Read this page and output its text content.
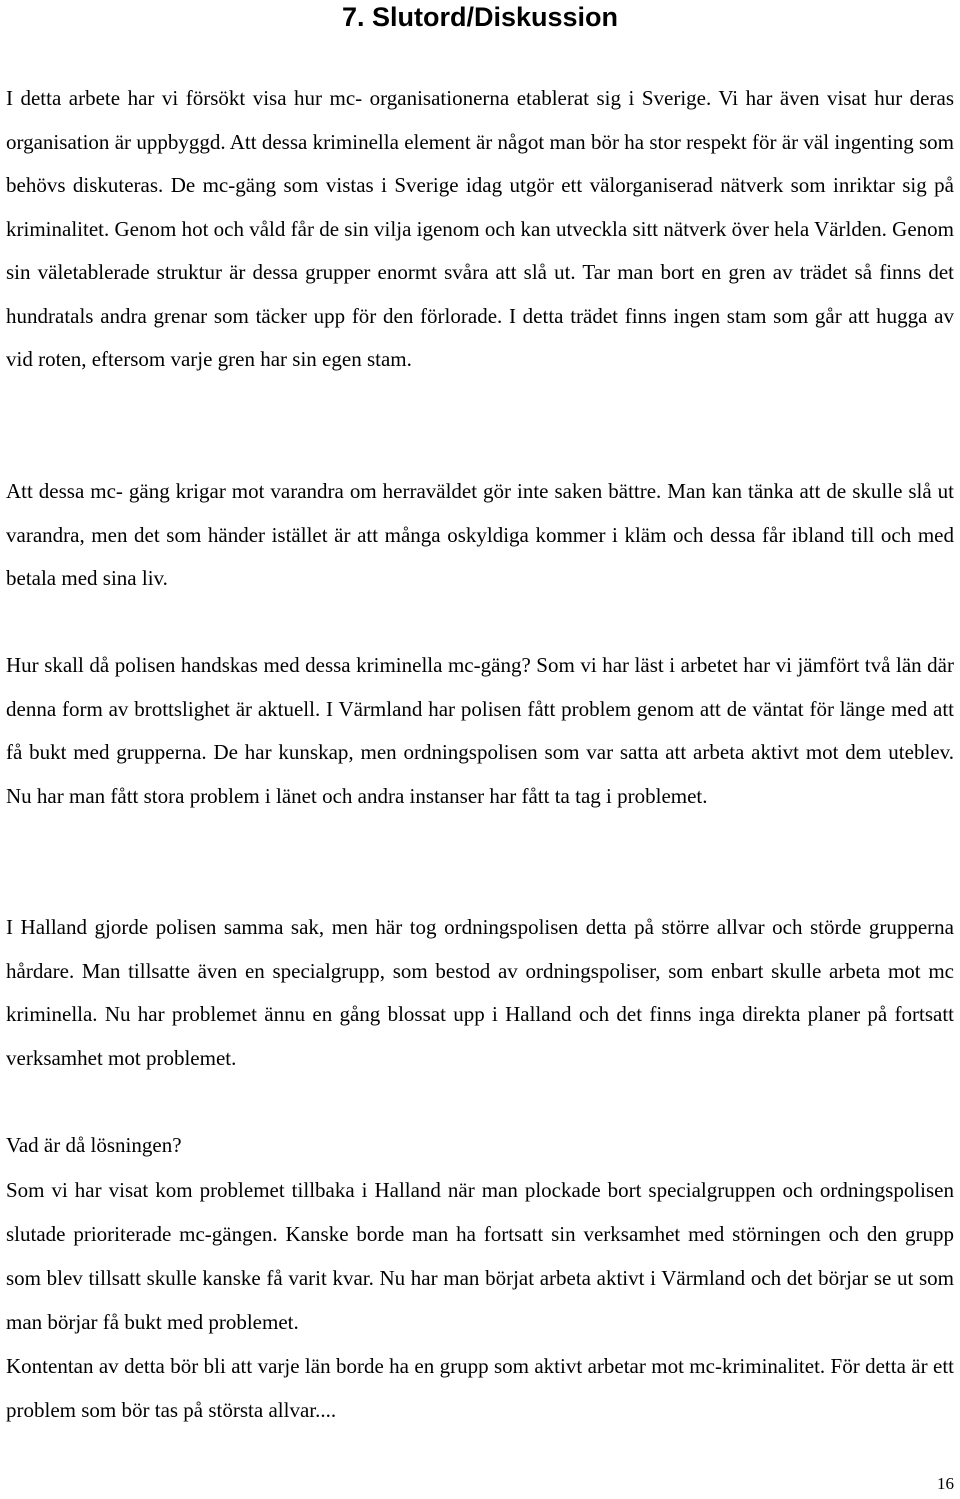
7. Slutord/Diskussion

I detta arbete har vi försökt visa hur mc- organisationerna etablerat sig i Sverige. Vi har även visat hur deras organisation är uppbyggd. Att dessa kriminella element är något man bör ha stor respekt för är väl ingenting som behövs diskuteras. De mc-gäng som vistas i Sverige idag utgör ett välorganiserad nätverk som inriktar sig på kriminalitet. Genom hot och våld får de sin vilja igenom och kan utveckla sitt nätverk över hela Världen. Genom sin väletablerade struktur är dessa grupper enormt svåra att slå ut. Tar man bort en gren av trädet så finns det hundratals andra grenar som täcker upp för den förlorade. I detta trädet finns ingen stam som går att hugga av vid roten, eftersom varje gren har sin egen stam.

Att dessa mc- gäng krigar mot varandra om herraväldet gör inte saken bättre. Man kan tänka att de skulle slå ut varandra, men det som händer istället är att många oskyldiga kommer i kläm och dessa får ibland till och med betala med sina liv.

Hur skall då polisen handskas med dessa kriminella mc-gäng? Som vi har läst i arbetet har vi jämfört två län där denna form av brottslighet är aktuell. I Värmland har polisen fått problem genom att de väntat för länge med att få bukt med grupperna. De har kunskap, men ordningspolisen som var satta att arbeta aktivt mot dem uteblev. Nu har man fått stora problem i länet och andra instanser har fått ta tag i problemet.

I Halland gjorde polisen samma sak, men här tog ordningspolisen detta på större allvar och störde grupperna hårdare. Man tillsatte även en specialgrupp, som bestod av ordningspoliser, som enbart skulle arbeta mot mc kriminella. Nu har problemet ännu en gång blossat upp i Halland och det finns inga direkta planer på fortsatt verksamhet mot problemet.

Vad är då lösningen?

Som vi har visat kom problemet tillbaka i Halland när man plockade bort specialgruppen och ordningspolisen slutade prioriterade mc-gängen. Kanske borde man ha fortsatt sin verksamhet med störningen och den grupp som blev tillsatt skulle kanske få varit kvar. Nu har man börjat arbeta aktivt i Värmland och det börjar se ut som man börjar få bukt med problemet.

Kontentan av detta bör bli att varje län borde ha en grupp som aktivt arbetar mot mc-kriminalitet. För detta är ett problem som bör tas på största allvar....

16
